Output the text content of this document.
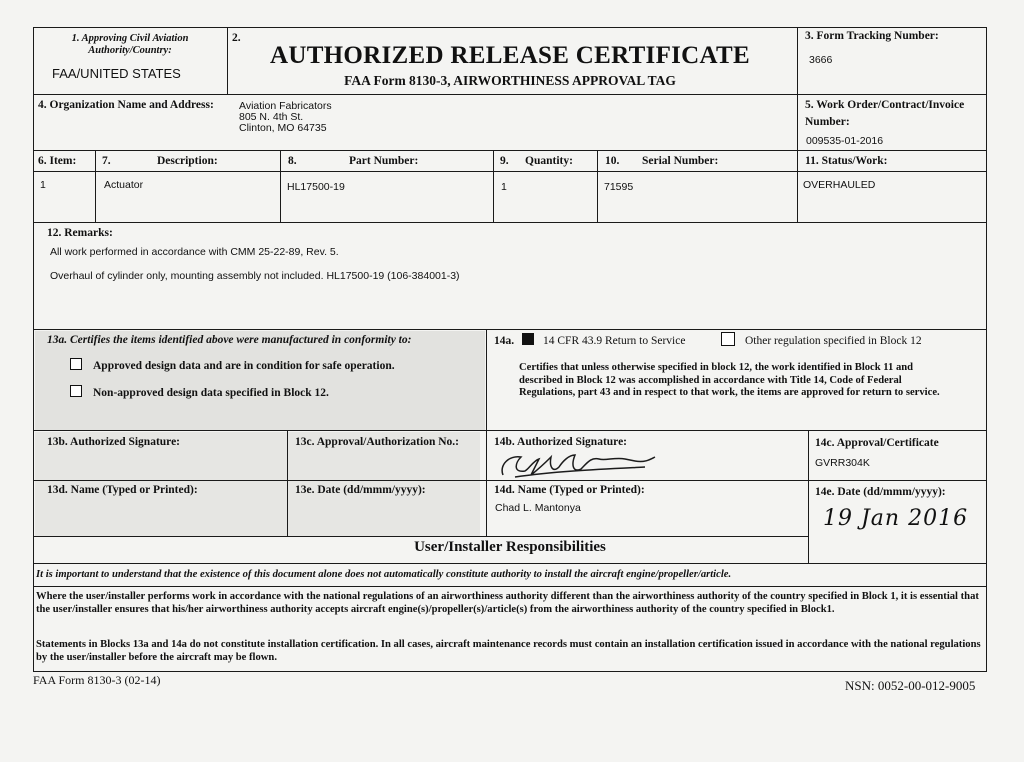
1. Approving Civil Aviation Authority/Country:
FAA/UNITED STATES
2.
AUTHORIZED RELEASE CERTIFICATE
FAA Form 8130-3, AIRWORTHINESS APPROVAL TAG
3. Form Tracking Number:
3666
4. Organization Name and Address: Aviation Fabricators
805 N. 4th St.
Clinton, MO 64735
5. Work Order/Contract/Invoice Number:
009535-01-2016
6. Item: 7.	Description:	8.	Part Number:	9. Quantity:	10. Serial Number:	11. Status/Work:
1	Actuator	HL17500-19	1	71595	OVERHAULED
12. Remarks:
All work performed in accordance with CMM 25-22-89, Rev. 5.
Overhaul of cylinder only, mounting assembly not included. HL17500-19 (106-384001-3)
13a. Certifies the items identified above were manufactured in conformity to:
Approved design data and are in condition for safe operation.
Non-approved design data specified in Block 12.
14a.	14 CFR 43.9 Return to Service	Other regulation specified in Block 12
Certifies that unless otherwise specified in block 12, the work identified in Block 11 and described in Block 12 was accomplished in accordance with Title 14, Code of Federal Regulations, part 43 and in respect to that work, the items are approved for return to service.
13b. Authorized Signature:	13c. Approval/Authorization No.:	14b. Authorized Signature:	14c. Approval/Certificate
GVRR304K
13d. Name (Typed or Printed):	13e. Date (dd/mmm/yyyy):	14d. Name (Typed or Printed):
Chad L. Mantonya
14e. Date (dd/mmm/yyyy):
19 Jan 2016
User/Installer Responsibilities
It is important to understand that the existence of this document alone does not automatically constitute authority to install the aircraft engine/propeller/article.
Where the user/installer performs work in accordance with the national regulations of an airworthiness authority different than the airworthiness authority of the country specified in Block 1, it is essential that the user/installer ensures that his/her airworthiness authority accepts aircraft engine(s)/propeller(s)/article(s) from the airworthiness authority of the country specified in Block1.
Statements in Blocks 13a and 14a do not constitute installation certification. In all cases, aircraft maintenance records must contain an installation certification issued in accordance with the national regulations by the user/installer before the aircraft may be flown.
FAA Form 8130-3 (02-14)	NSN: 0052-00-012-9005
